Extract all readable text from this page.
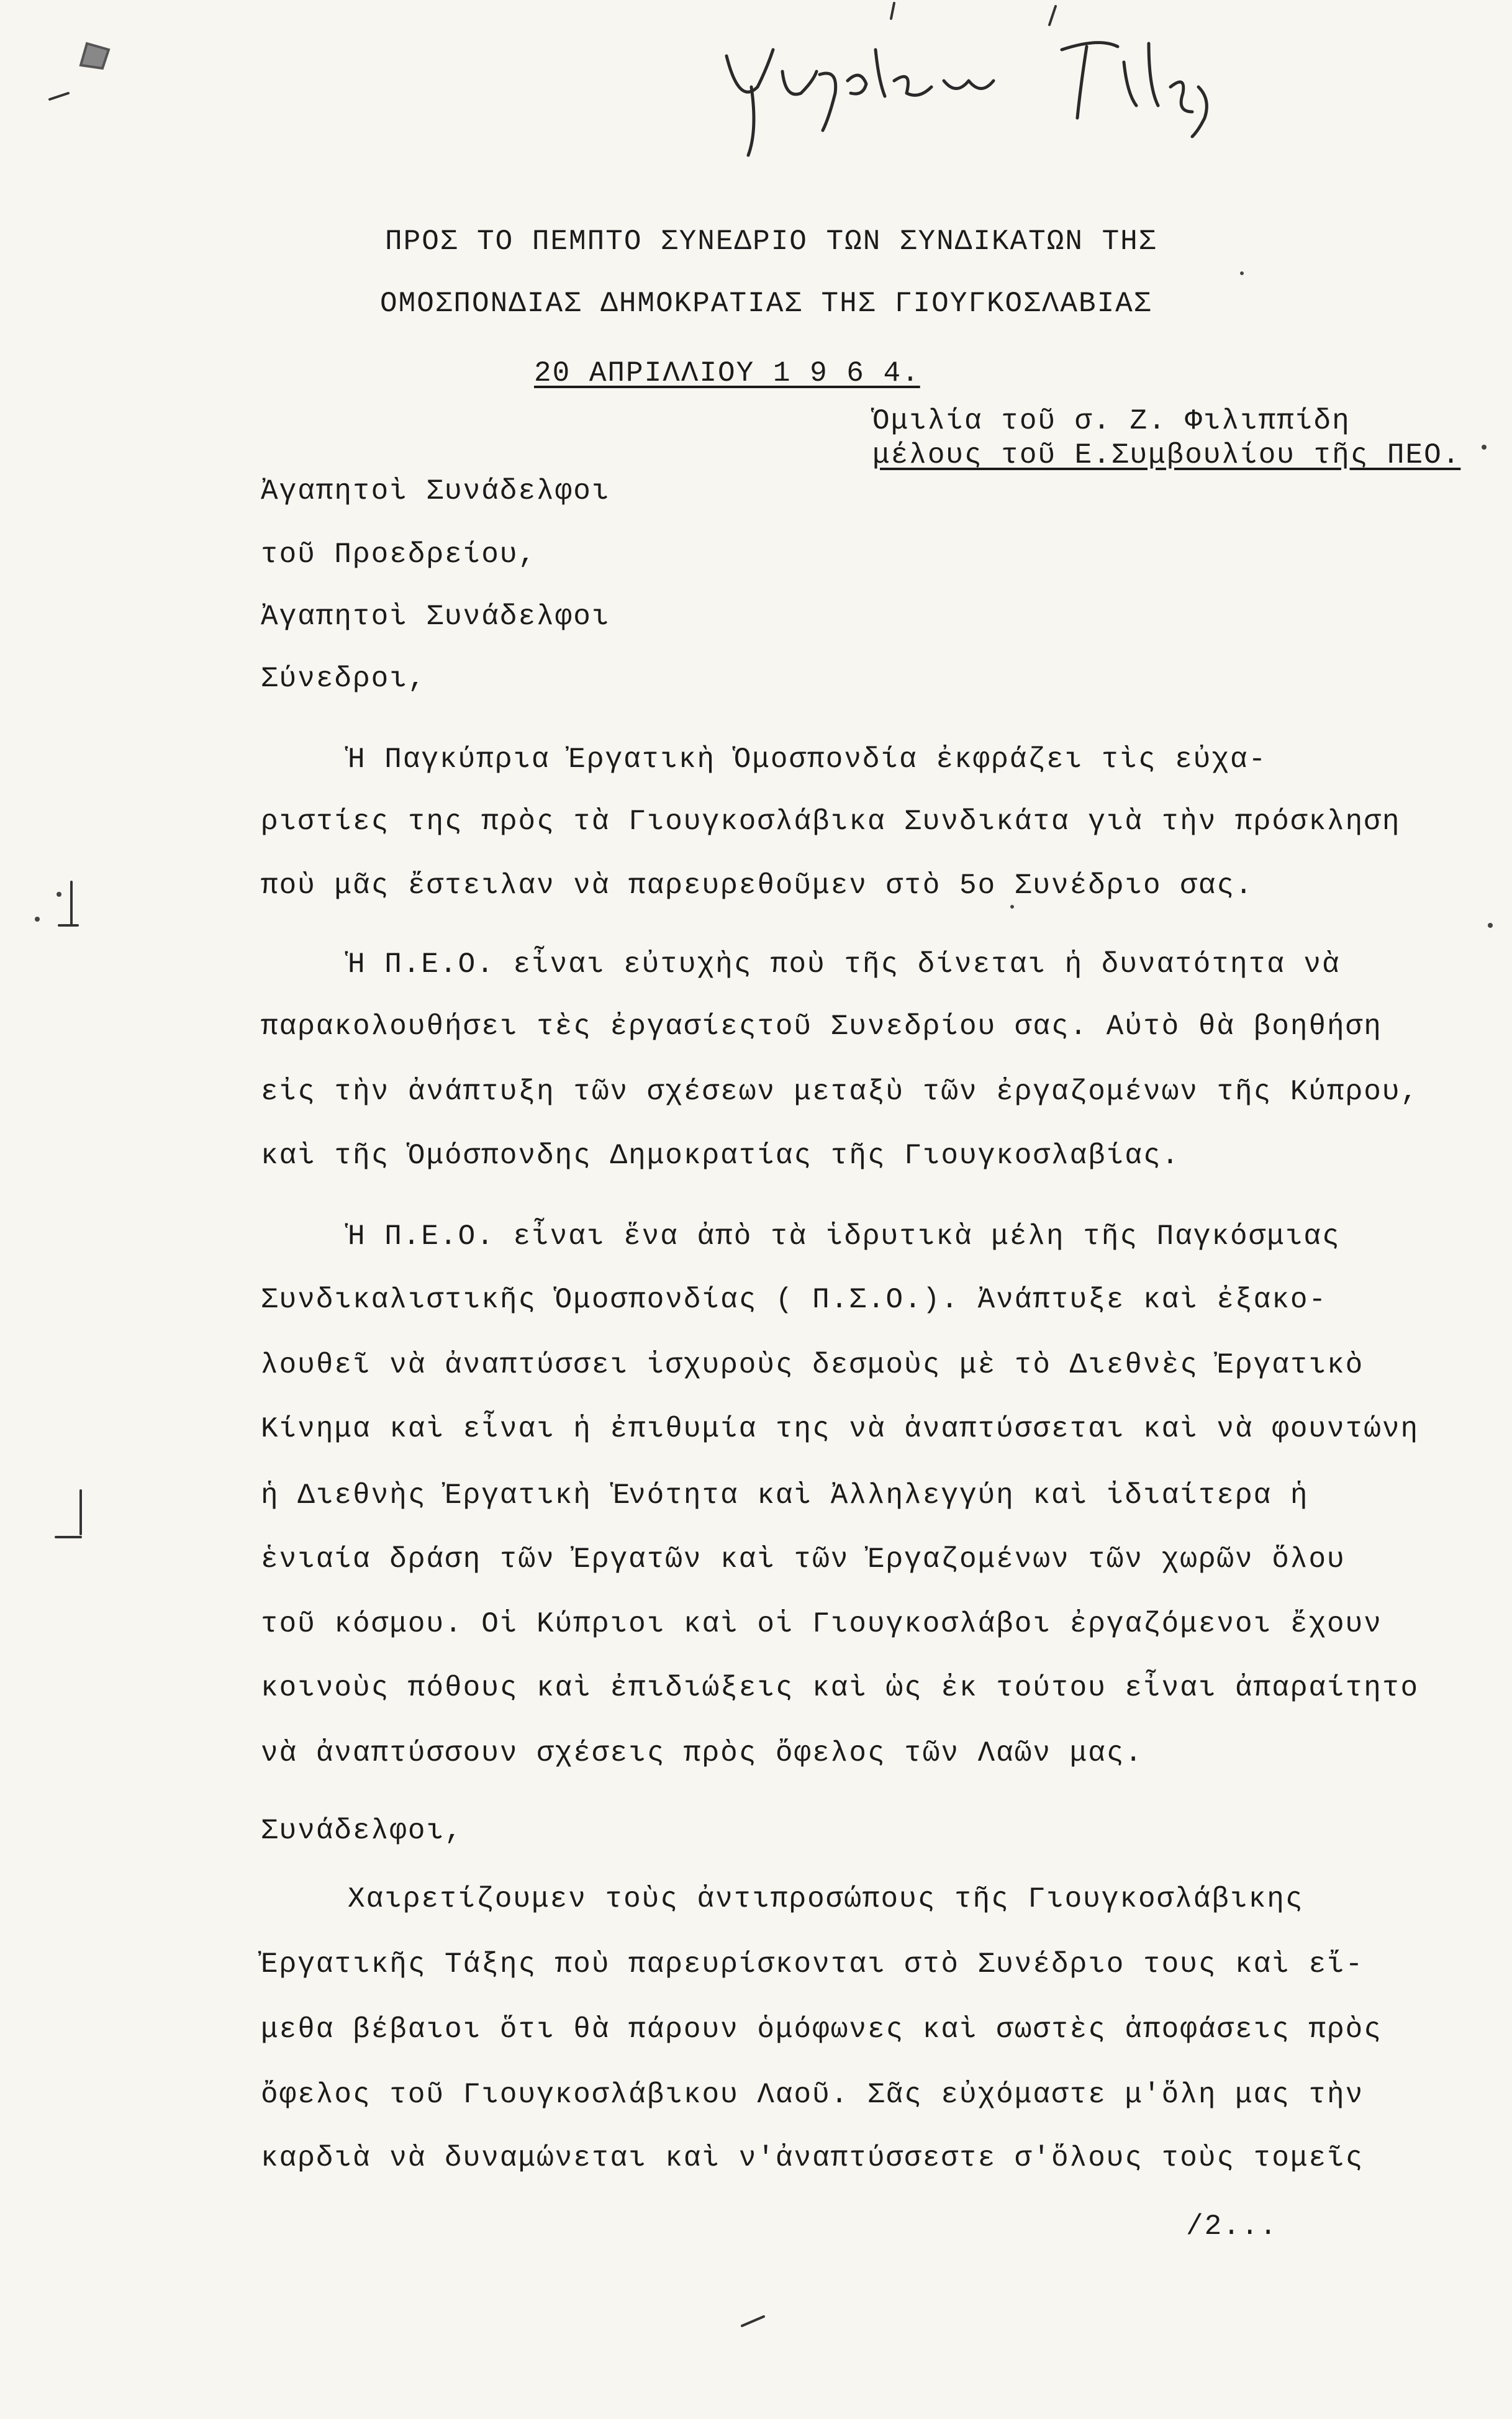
ΠΡΟΣ ΤΟ ΠΕΜΠΤΟ ΣΥΝΕΔΡΙΟ ΤΩΝ ΣΥΝΔΙΚΑΤΩΝ ΤΗΣ
ΟΜΟΣΠΟΝΔΙΑΣ ΔΗΜΟΚΡΑΤΙΑΣ ΤΗΣ ΓΙΟΥΓΚΟΣΛΑΒΙΑΣ
20 ΑΠΡΙΛΛΙΟΥ 1 9 6 4.
Ὁμιλία τοῦ σ. Ζ. Φιλιππίδη
μέλους τοῦ Ε.Συμβουλίου τῆς ΠΕΟ.
Ἀγαπητοὶ Συνάδελφοι
τοῦ Προεδρείου,
Ἀγαπητοὶ Συνάδελφοι
Σύνεδροι,
Ἡ Παγκύπρια Ἐργατικὴ Ὁμοσπονδία ἐκφράζει τὶς εὐχα-
ριστίες της πρὸς τὰ Γιουγκοσλάβικα Συνδικάτα γιὰ τὴν πρόσκληση
ποὺ μᾶς ἔστειλαν νὰ παρευρεθοῦμεν στὸ 5ο Συνέδριο σας.
Ἡ Π.Ε.Ο. εἶναι εὐτυχὴς ποὺ τῆς δίνεται ἡ δυνατότητα νὰ
παρακολουθήσει τὲς ἐργασίεςτοῦ Συνεδρίου σας. Αὐτὸ θὰ βοηθήση
εἰς τὴν ἀνάπτυξη τῶν σχέσεων μεταξὺ τῶν ἐργαζομένων τῆς Κύπρου,
καὶ τῆς Ὁμόσπονδης Δημοκρατίας τῆς Γιουγκοσλαβίας.
Ἡ Π.Ε.Ο. εἶναι ἕνα ἀπὸ τὰ ἱδρυτικὰ μέλη τῆς Παγκόσμιας
Συνδικαλιστικῆς Ὁμοσπονδίας ( Π.Σ.Ο.). Ἀνάπτυξε καὶ ἐξακο-
λουθεῖ νὰ ἀναπτύσσει ἰσχυροὺς δεσμοὺς μὲ τὸ Διεθνὲς Ἐργατικὸ
Κίνημα καὶ εἶναι ἡ ἐπιθυμία της νὰ ἀναπτύσσεται καὶ νὰ φουντώνη
ἡ Διεθνὴς Ἐργατικὴ Ἑνότητα καὶ Ἀλληλεγγύη καὶ ἰδιαίτερα ἡ
ἑνιαία δράση τῶν Ἐργατῶν καὶ τῶν Ἐργαζομένων τῶν χωρῶν ὅλου
τοῦ κόσμου. Οἱ Κύπριοι καὶ οἱ Γιουγκοσλάβοι ἐργαζόμενοι ἔχουν
κοινοὺς πόθους καὶ ἐπιδιώξεις καὶ ὡς ἐκ τούτου εἶναι ἀπαραίτητο
νὰ ἀναπτύσσουν σχέσεις πρὸς ὄφελος τῶν Λαῶν μας.
Συνάδελφοι,
Χαιρετίζουμεν τοὺς ἀντιπροσώπους τῆς Γιουγκοσλάβικης
Ἐργατικῆς Τάξης ποὺ παρευρίσκονται στὸ Συνέδριο τους καὶ εἴ-
μεθα βέβαιοι ὅτι θὰ πάρουν ὁμόφωνες καὶ σωστὲς ἀποφάσεις πρὸς
ὄφελος τοῦ Γιουγκοσλάβικου Λαοῦ. Σᾶς εὐχόμαστε μ'ὅλη μας τὴν
καρδιὰ νὰ δυναμώνεται καὶ ν'ἀναπτύσσεστε σ'ὅλους τοὺς τομεῖς
/2...
